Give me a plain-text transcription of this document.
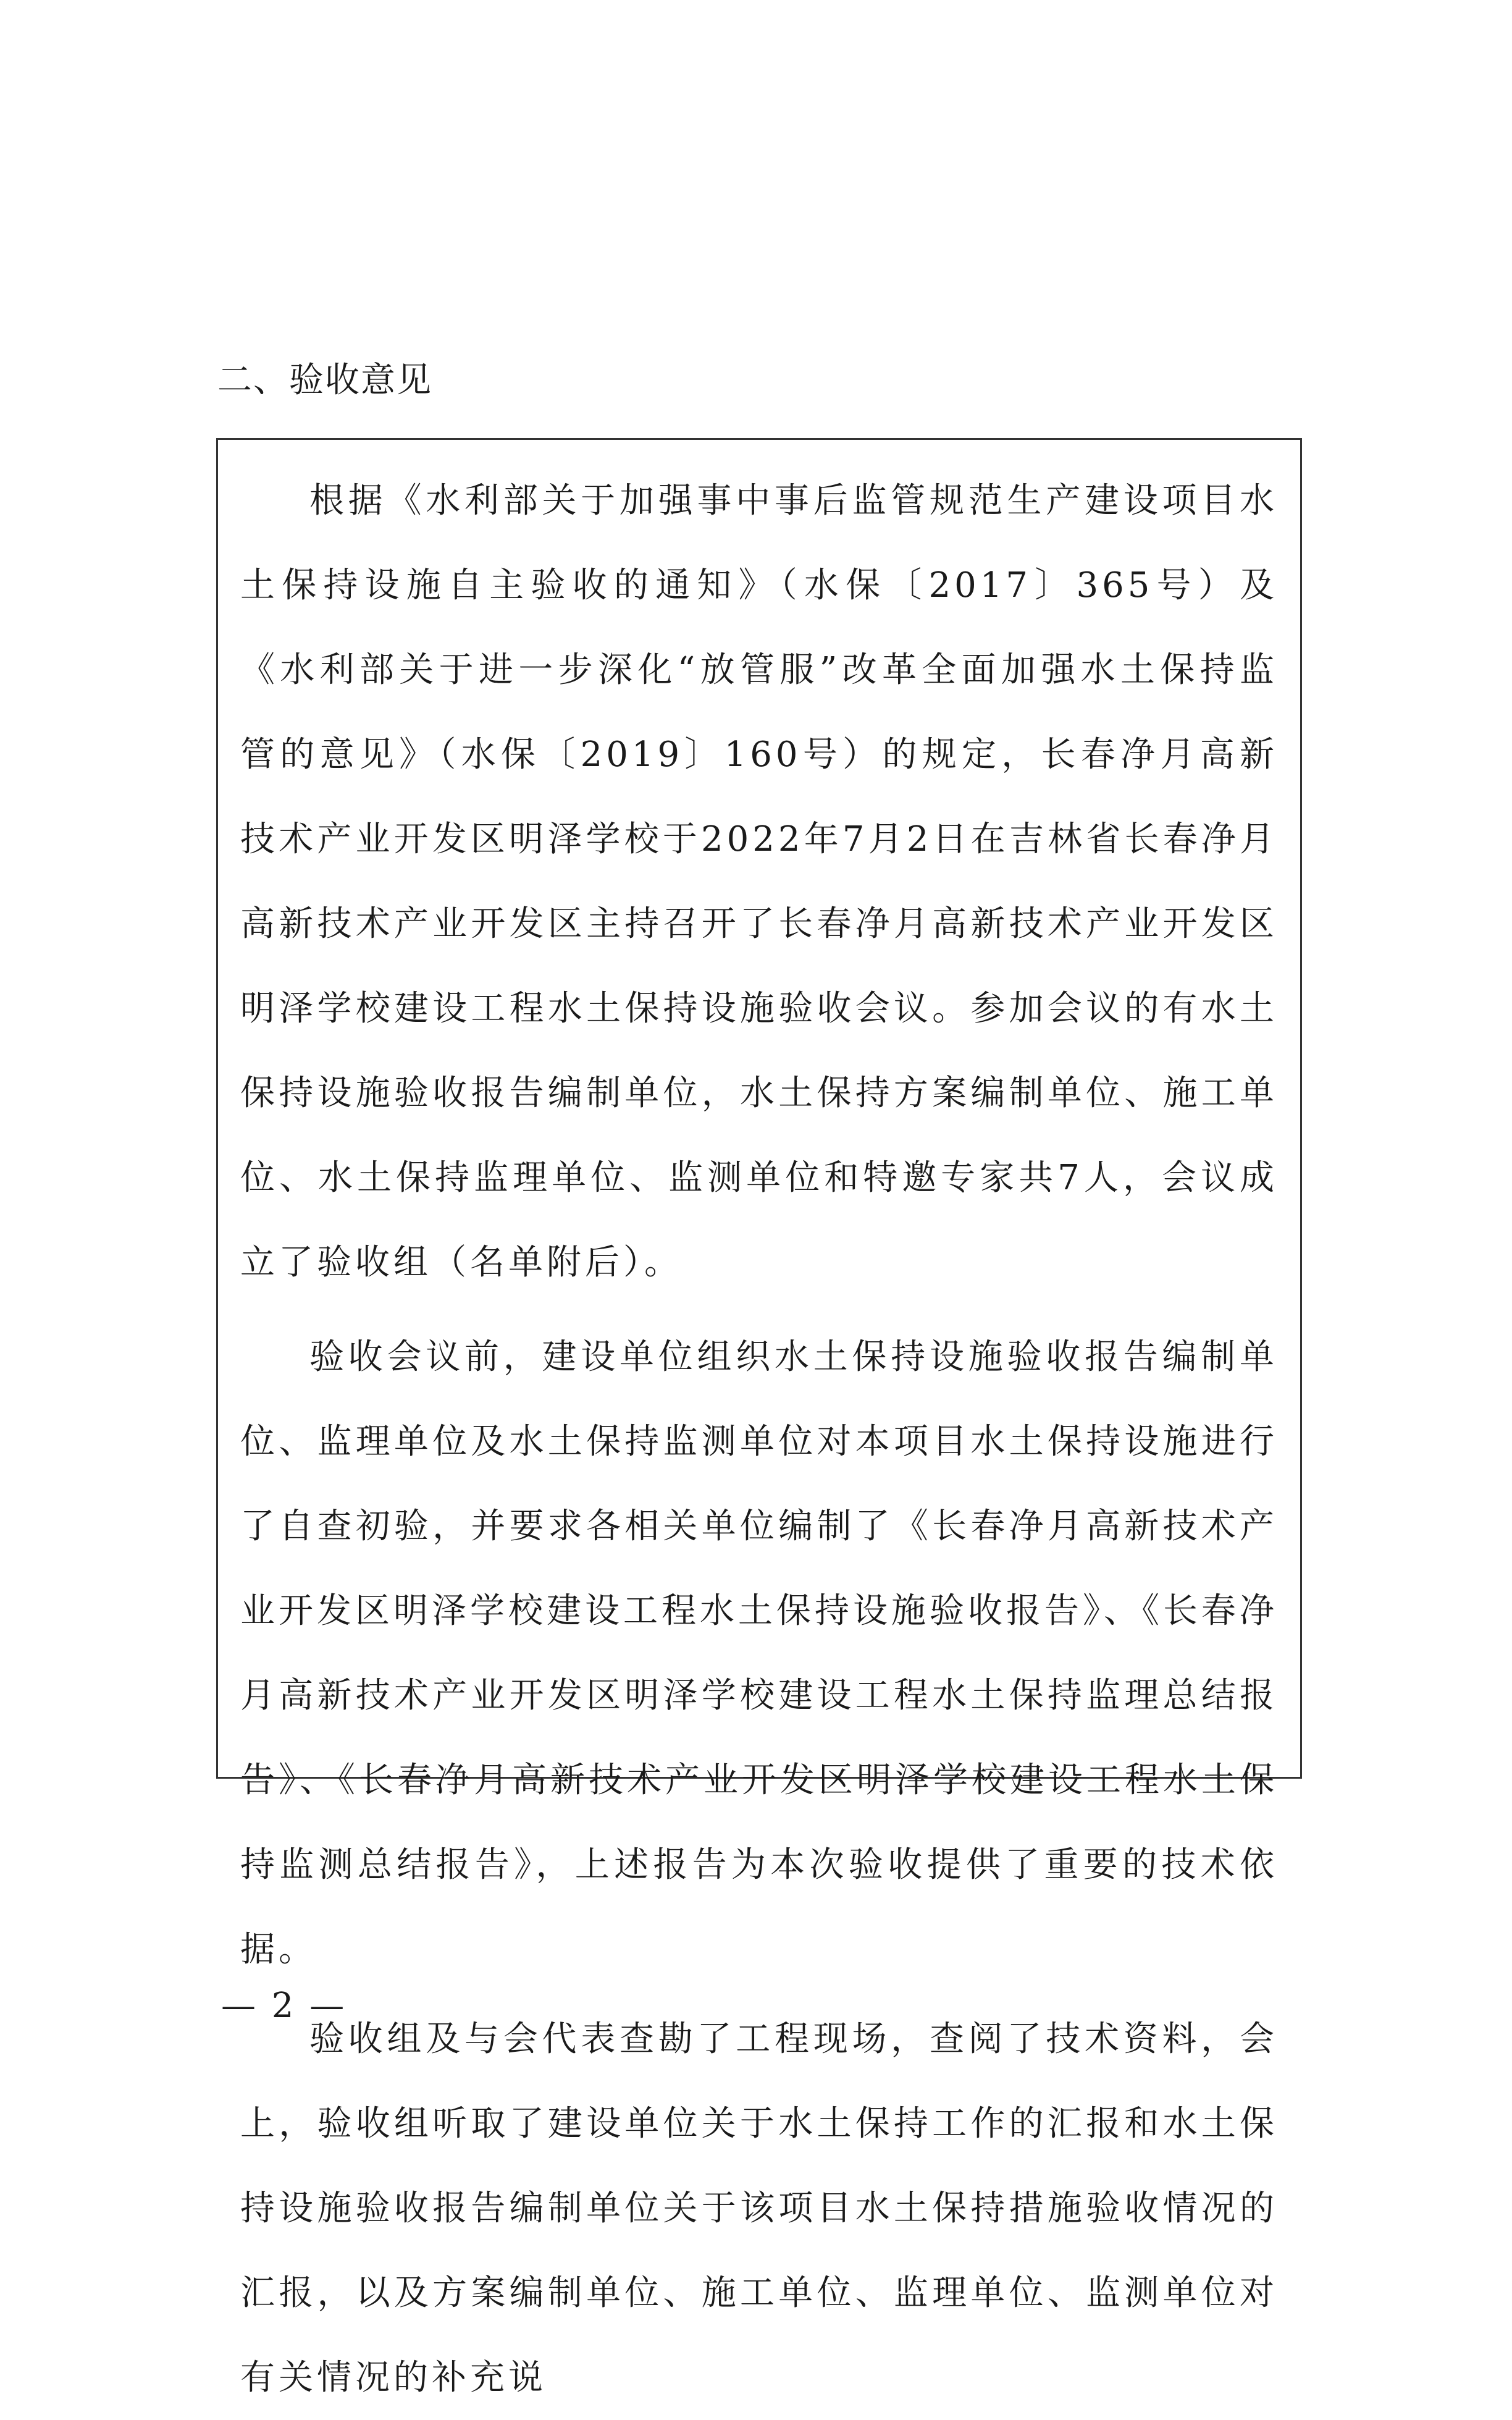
二、验收意见

根据《水利部关于加强事中事后监管规范生产建设项目水土保持设施自主验收的通知》（水保〔2017〕365号）及《水利部关于进一步深化“放管服”改革全面加强水土保持监管的意见》（水保〔2019〕160号）的规定，长春净月高新技术产业开发区明泽学校于2022年7月2日在吉林省长春净月高新技术产业开发区主持召开了长春净月高新技术产业开发区明泽学校建设工程水土保持设施验收会议。参加会议的有水土保持设施验收报告编制单位，水土保持方案编制单位、施工单位、水土保持监理单位、监测单位和特邀专家共7人，会议成立了验收组（名单附后）。

验收会议前，建设单位组织水土保持设施验收报告编制单位、监理单位及水土保持监测单位对本项目水土保持设施进行了自查初验，并要求各相关单位编制了《长春净月高新技术产业开发区明泽学校建设工程水土保持设施验收报告》、《长春净月高新技术产业开发区明泽学校建设工程水土保持监理总结报告》、《长春净月高新技术产业开发区明泽学校建设工程水土保持监测总结报告》，上述报告为本次验收提供了重要的技术依据。

验收组及与会代表查勘了工程现场，查阅了技术资料，会上，验收组听取了建设单位关于水土保持工作的汇报和水土保持设施验收报告编制单位关于该项目水土保持措施验收情况的汇报，以及方案编制单位、施工单位、监理单位、监测单位对有关情况的补充说

— 2 —
